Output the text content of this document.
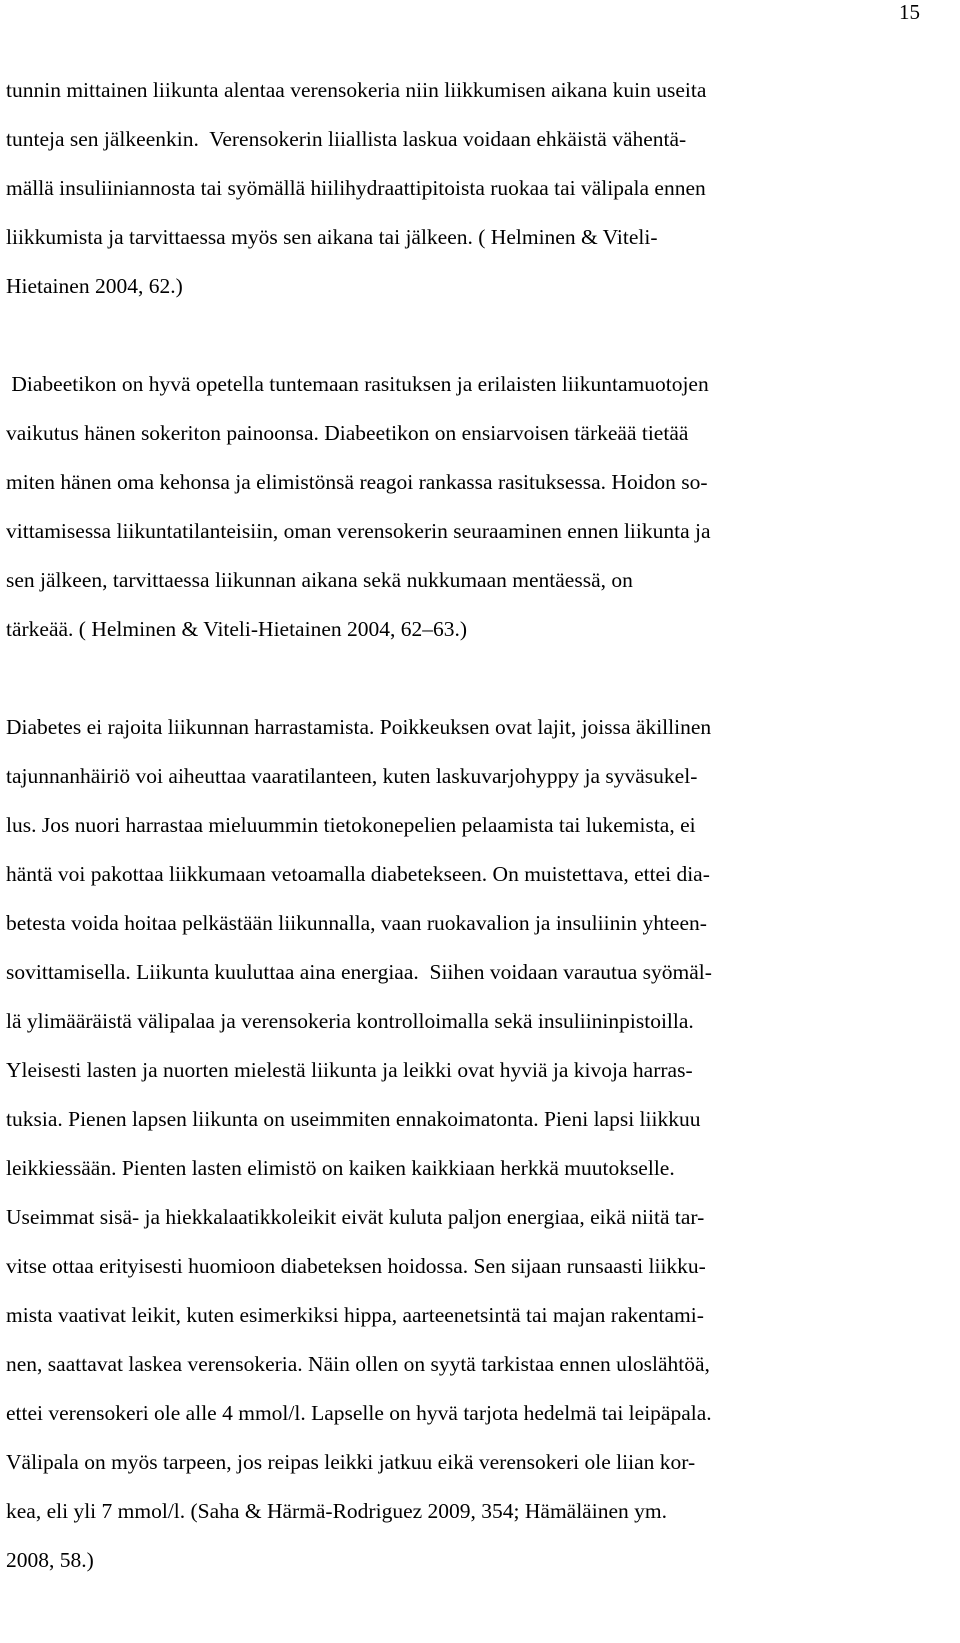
15
tunnin mittainen liikunta alentaa verensokeria niin liikkumisen aikana kuin useita
tunteja sen jälkeenkin.  Verensokerin liiallista laskua voidaan ehkäistä vähentä-
mällä insuliiniannosta tai syömällä hiilihydraattipitoista ruokaa tai välipala ennen
liikkumista ja tarvittaessa myös sen aikana tai jälkeen. ( Helminen & Viteli-
Hietainen 2004, 62.)
Diabeetikon on hyvä opetella tuntemaan rasituksen ja erilaisten liikuntamuotojen
vaikutus hänen sokeriton painoonsa. Diabeetikon on ensiarvoisen tärkeää tietää
miten hänen oma kehonsa ja elimistönsä reagoi rankassa rasituksessa. Hoidon so-
vittamisessa liikuntatilanteisiin, oman verensokerin seuraaminen ennen liikunta ja
sen jälkeen, tarvittaessa liikunnan aikana sekä nukkumaan mentäessä, on
tärkeää. ( Helminen & Viteli-Hietainen 2004, 62–63.)
Diabetes ei rajoita liikunnan harrastamista. Poikkeuksen ovat lajit, joissa äkillinen
tajunnanhäiriö voi aiheuttaa vaaratilanteen, kuten laskuvarjohyppy ja syväsukel-
lus. Jos nuori harrastaa mieluummin tietokonepelien pelaamista tai lukemista, ei
häntä voi pakottaa liikkumaan vetoamalla diabetekseen. On muistettava, ettei dia-
betesta voida hoitaa pelkästään liikunnalla, vaan ruokavalion ja insuliinin yhteen-
sovittamisella. Liikunta kuuluttaa aina energiaa.  Siihen voidaan varautua syömäl-
lä ylimääräistä välipalaa ja verensokeria kontrolloimalla sekä insuliininpistoilla.
Yleisesti lasten ja nuorten mielestä liikunta ja leikki ovat hyviä ja kivoja harras-
tuksia. Pienen lapsen liikunta on useimmiten ennakoimatonta. Pieni lapsi liikkuu
leikkiessään. Pienten lasten elimistö on kaiken kaikkiaan herkkä muutokselle.
Useimmat sisä- ja hiekkalaatikkoleikit eivät kuluta paljon energiaa, eikä niitä tar-
vitse ottaa erityisesti huomioon diabeteksen hoidossa. Sen sijaan runsaasti liikku-
mista vaativat leikit, kuten esimerkiksi hippa, aarteenetsintä tai majan rakentami-
nen, saattavat laskea verensokeria. Näin ollen on syytä tarkistaa ennen uloslähtöä,
ettei verensokeri ole alle 4 mmol/l. Lapselle on hyvä tarjota hedelmä tai leipäpala.
Välipala on myös tarpeen, jos reipas leikki jatkuu eikä verensokeri ole liian kor-
kea, eli yli 7 mmol/l. (Saha & Härmä-Rodriguez 2009, 354; Hämäläinen ym.
2008, 58.)
